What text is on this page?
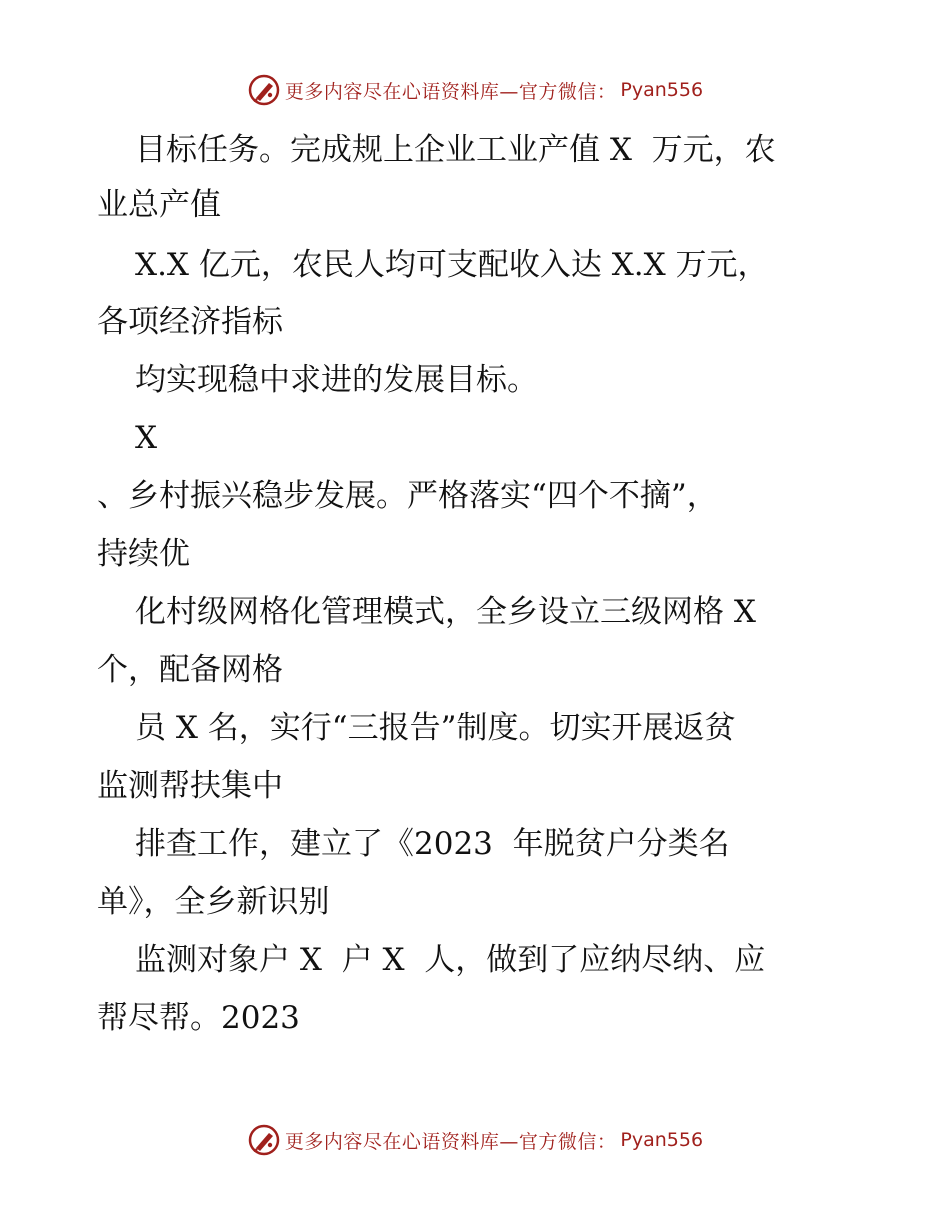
更多内容尽在心语资料库—官方微信： Pyan556
目标任务。完成规上企业工业产值 X  万元，农
业总产值
X.X 亿元，农民人均可支配收入达 X.X 万元，
各项经济指标
均实现稳中求进的发展目标。
X
、乡村振兴稳步发展。严格落实“四个不摘”，
持续优
化村级网格化管理模式，全乡设立三级网格 X
个，配备网格
员 X 名，实行“三报告”制度。切实开展返贫
监测帮扶集中
排查工作，建立了《2023  年脱贫户分类名
单》，全乡新识别
监测对象户 X  户 X  人，做到了应纳尽纳、应
帮尽帮。2023
更多内容尽在心语资料库—官方微信： Pyan556
